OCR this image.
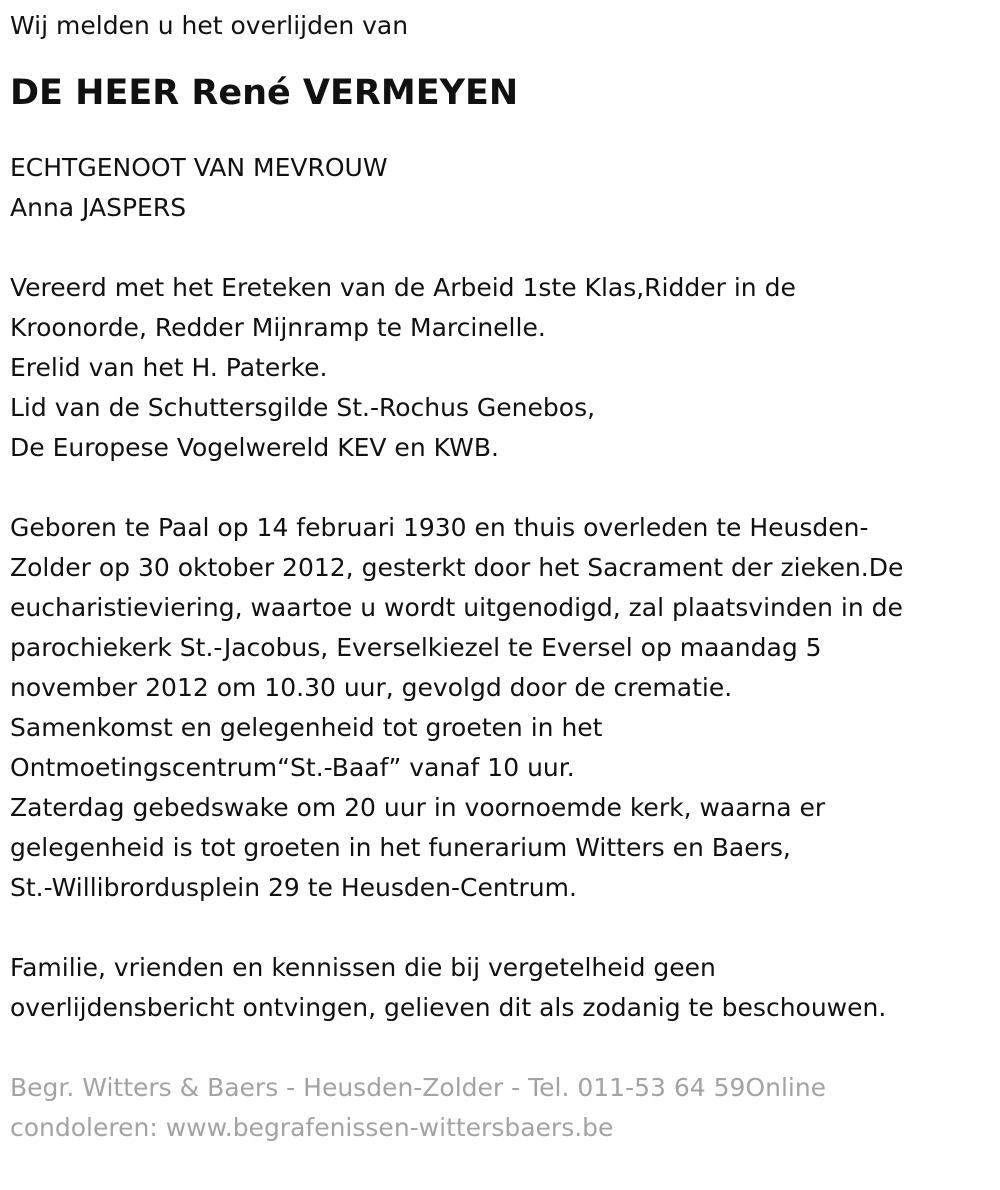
Wij melden u het overlijden van

DE HEER René VERMEYEN

ECHTGENOOT VAN MEVROUW

Anna JASPERS

Vereerd met het Ereteken van de Arbeid 1ste Klas,Ridder in de

Kroonorde, Redder Mijnramp te Marcinelle.

Erelid van het H. Paterke.

Lid van de Schuttersgilde St.-Rochus Genebos,

De Europese Vogelwereld KEV en KWB.

Geboren te Paal op 14 februari 1930 en thuis overleden te Heusden-

Zolder op 30 oktober 2012, gesterkt door het Sacrament der zieken.De

eucharistieviering, waartoe u wordt uitgenodigd, zal plaatsvinden in de

parochiekerk St.-Jacobus, Everselkiezel te Eversel op maandag 5

november 2012 om 10.30 uur, gevolgd door de crematie.

Samenkomst en gelegenheid tot groeten in het

Ontmoetingscentrum“St.-Baaf” vanaf 10 uur.

Zaterdag gebedswake om 20 uur in voornoemde kerk, waarna er

gelegenheid is tot groeten in het funerarium Witters en Baers,

St.-Willibrordusplein 29 te Heusden-Centrum.

Familie, vrienden en kennissen die bij vergetelheid geen

overlijdensbericht ontvingen, gelieven dit als zodanig te beschouwen.

Begr. Witters & Baers - Heusden-Zolder - Tel. 011-53 64 59Online

condoleren: www.begrafenissen-wittersbaers.be
